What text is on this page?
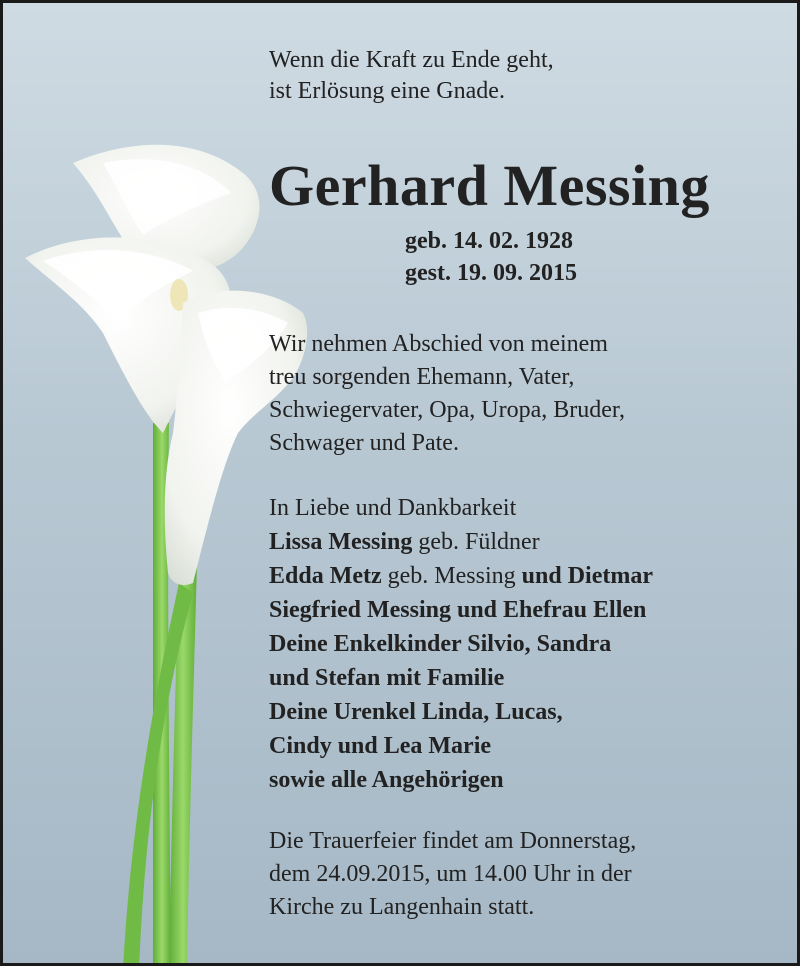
Wenn die Kraft zu Ende geht,
ist Erlösung eine Gnade.
Gerhard Messing
geb. 14. 02. 1928
gest. 19. 09. 2015
Wir nehmen Abschied von meinem
treu sorgenden Ehemann, Vater,
Schwiegervater, Opa, Uropa, Bruder,
Schwager und Pate.
In Liebe und Dankbarkeit
Lissa Messing geb. Füldner
Edda Metz geb. Messing und Dietmar
Siegfried Messing und Ehefrau Ellen
Deine Enkelkinder Silvio, Sandra
und Stefan mit Familie
Deine Urenkel Linda, Lucas,
Cindy und Lea Marie
sowie alle Angehörigen
Die Trauerfeier findet am Donnerstag,
dem 24.09.2015, um 14.00 Uhr in der
Kirche zu Langenhain statt.
